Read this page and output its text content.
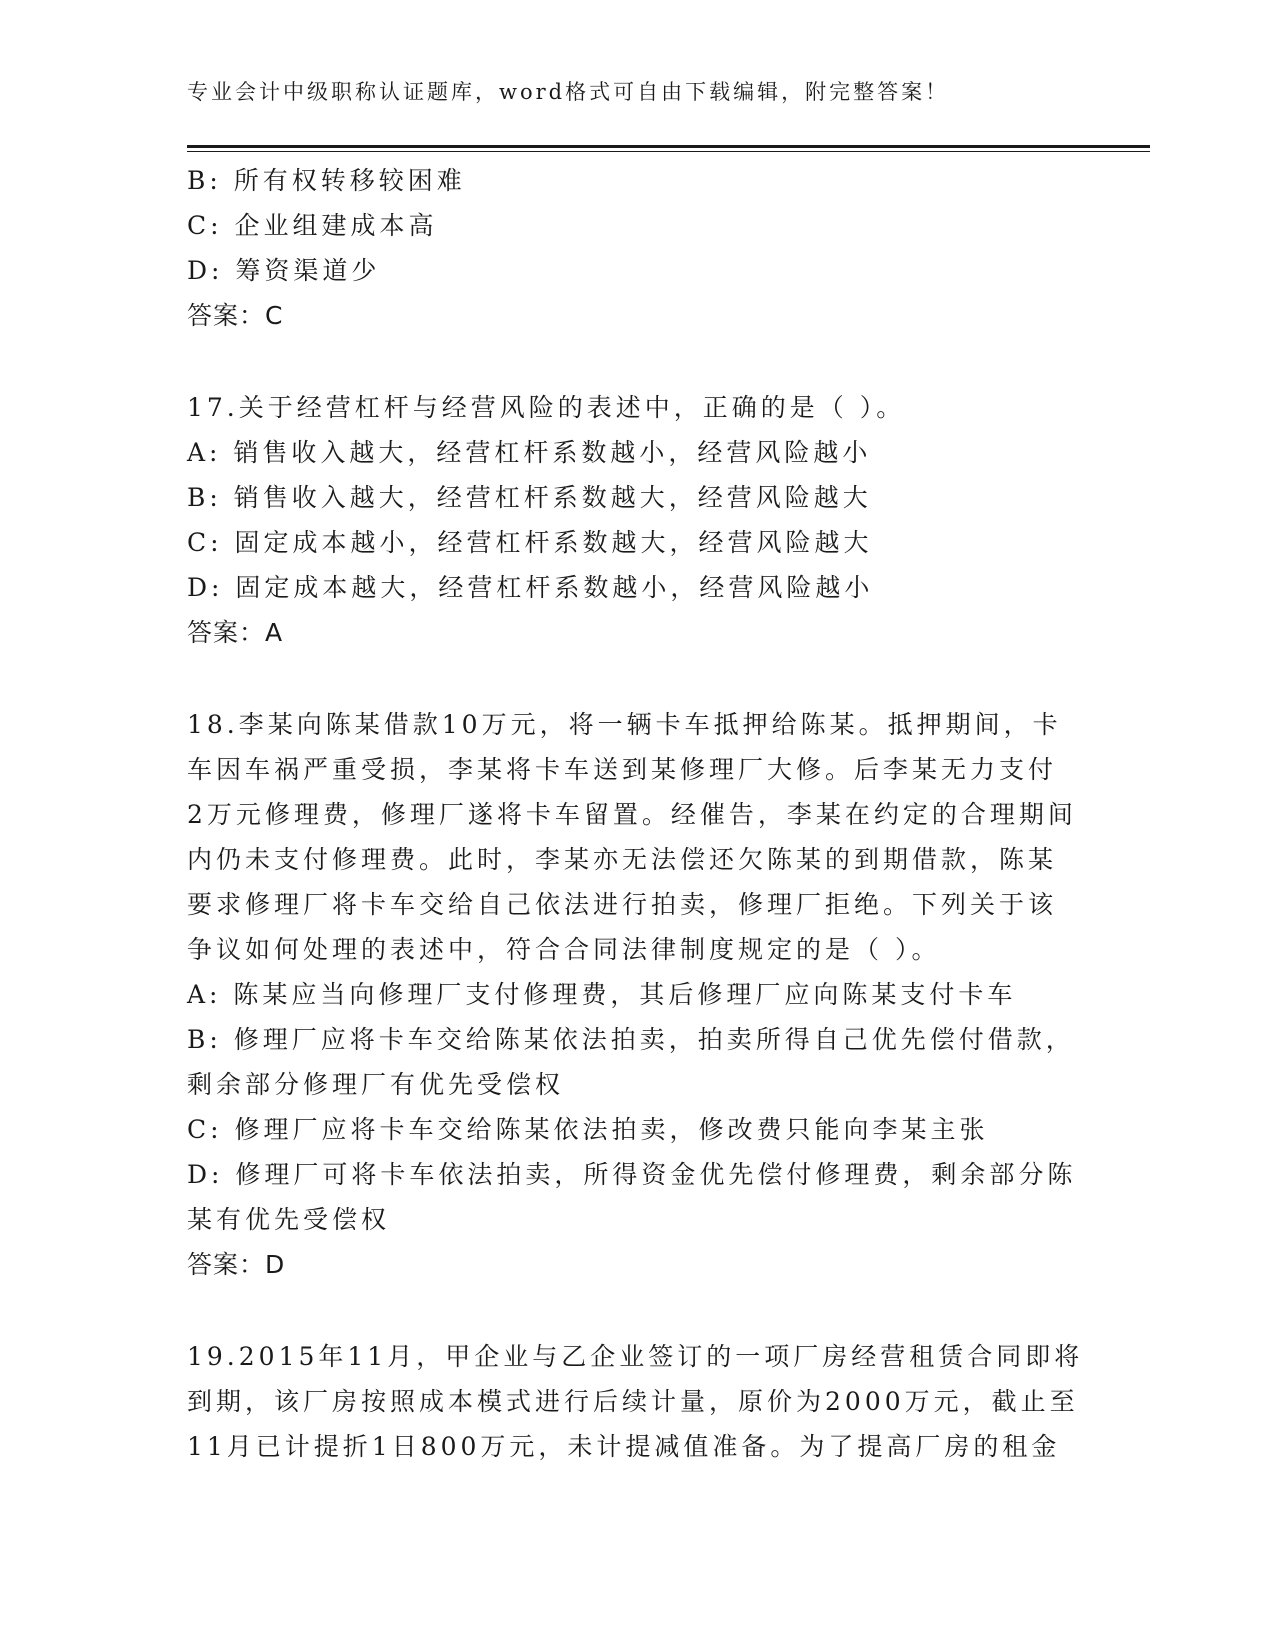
专业会计中级职称认证题库，word格式可自由下载编辑，附完整答案！
B: 所有权转移较困难
C: 企业组建成本高
D: 筹资渠道少
答案：C
17.关于经营杠杆与经营风险的表述中，正确的是（ ）。
A: 销售收入越大，经营杠杆系数越小，经营风险越小
B: 销售收入越大，经营杠杆系数越大，经营风险越大
C: 固定成本越小，经营杠杆系数越大，经营风险越大
D: 固定成本越大，经营杠杆系数越小，经营风险越小
答案：A
18.李某向陈某借款10万元，将一辆卡车抵押给陈某。抵押期间，卡
车因车祸严重受损，李某将卡车送到某修理厂大修。后李某无力支付
2万元修理费，修理厂遂将卡车留置。经催告，李某在约定的合理期间
内仍未支付修理费。此时，李某亦无法偿还欠陈某的到期借款，陈某
要求修理厂将卡车交给自己依法进行拍卖，修理厂拒绝。下列关于该
争议如何处理的表述中，符合合同法律制度规定的是（ ）。
A: 陈某应当向修理厂支付修理费，其后修理厂应向陈某支付卡车
B: 修理厂应将卡车交给陈某依法拍卖，拍卖所得自己优先偿付借款，
剩余部分修理厂有优先受偿权
C: 修理厂应将卡车交给陈某依法拍卖，修改费只能向李某主张
D: 修理厂可将卡车依法拍卖，所得资金优先偿付修理费，剩余部分陈
某有优先受偿权
答案：D
19.2015年11月，甲企业与乙企业签订的一项厂房经营租赁合同即将
到期，该厂房按照成本模式进行后续计量，原价为2000万元，截止至
11月已计提折1日800万元，未计提减值准备。为了提高厂房的租金
